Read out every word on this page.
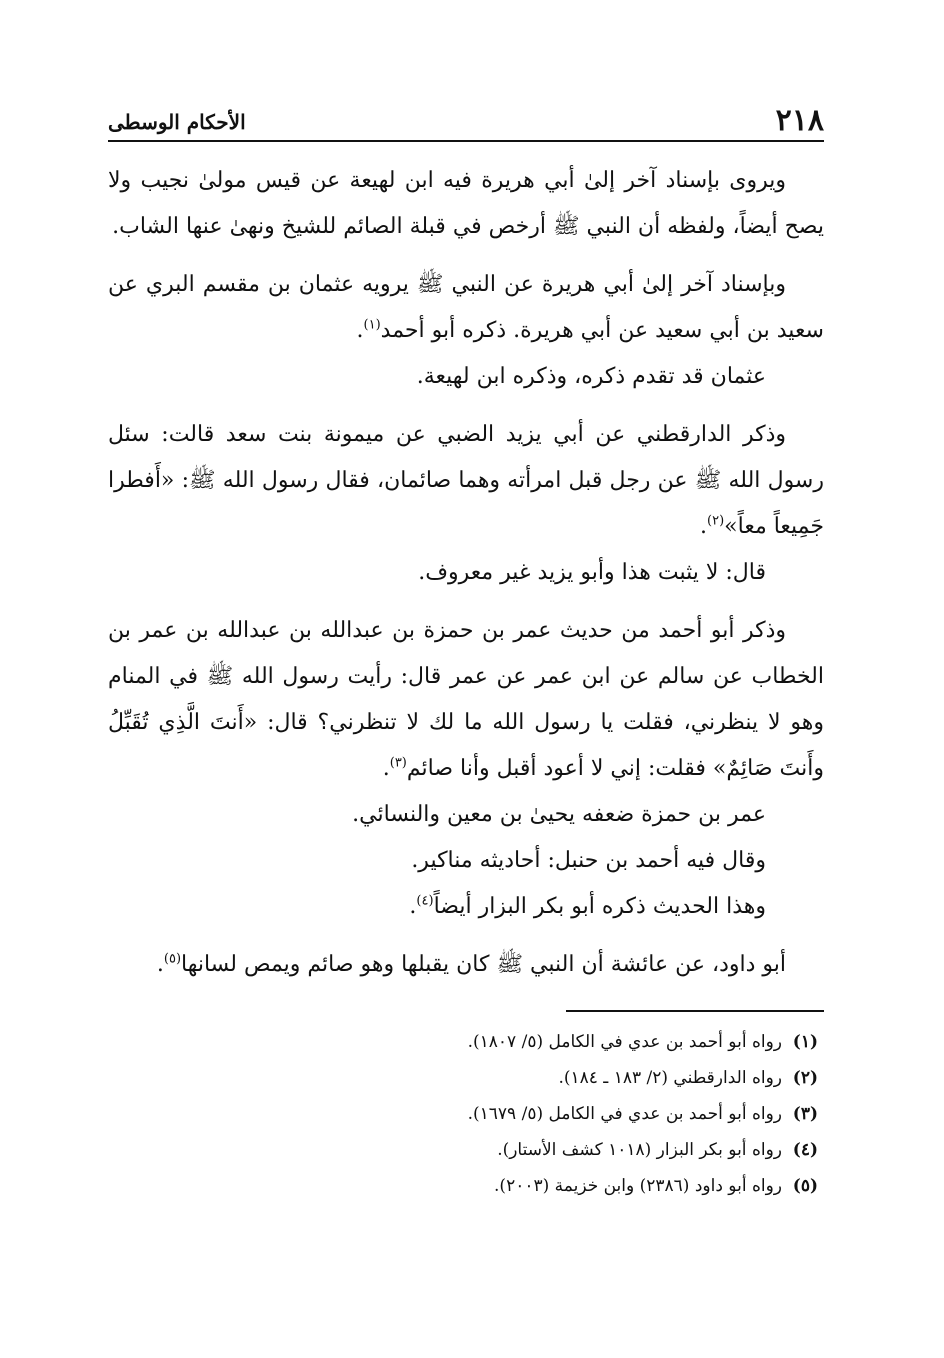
٢١٨
الأحكام الوسطى

ويروى بإسناد آخر إلىٰ أبي هريرة فيه ابن لهيعة عن قيس مولىٰ نجيب ولا يصح أيضاً، ولفظه أن النبي ﷺ أرخص في قبلة الصائم للشيخ ونهىٰ عنها الشاب.

وبإسناد آخر إلىٰ أبي هريرة عن النبي ﷺ يرويه عثمان بن مقسم البري عن سعيد بن أبي سعيد عن أبي هريرة. ذكره أبو أحمد$^{(١)}$.

عثمان قد تقدم ذكره، وذكره ابن لهيعة.

وذكر الدارقطني عن أبي يزيد الضبي عن ميمونة بنت سعد قالت: سئل رسول الله ﷺ عن رجل قبل امرأته وهما صائمان، فقال رسول الله ﷺ: «أَفطرا جَمِيعاً معاً»$^{(٢)}$.

قال: لا يثبت هذا وأبو يزيد غير معروف.

وذكر أبو أحمد من حديث عمر بن حمزة بن عبدالله بن عبدالله بن عمر بن الخطاب عن سالم عن ابن عمر عن عمر قال: رأيت رسول الله ﷺ في المنام وهو لا ينظرني، فقلت يا رسول الله ما لك لا تنظرني؟ قال: «أَنتَ الَّذِي تُقَبِّلُ وأَنتَ صَائِمٌ» فقلت: إني لا أعود أقبل وأنا صائم$^{(٣)}$.

عمر بن حمزة ضعفه يحيىٰ بن معين والنسائي.

وقال فيه أحمد بن حنبل: أحاديثه مناكير.

وهذا الحديث ذكره أبو بكر البزار أيضاً$^{(٤)}$.

أبو داود، عن عائشة أن النبي ﷺ كان يقبلها وهو صائم ويمص لسانها$^{(٥)}$.

(١)
رواه أبو أحمد بن عدي في الكامل (٥/ ١٨٠٧).
(٢)
رواه الدارقطني (٢/ ١٨٣ ـ ١٨٤).
(٣)
رواه أبو أحمد بن عدي في الكامل (٥/ ١٦٧٩).
(٤)
رواه أبو بكر البزار (١٠١٨ كشف الأستار).
(٥)
رواه أبو داود (٢٣٨٦) وابن خزيمة (٢٠٠٣).
